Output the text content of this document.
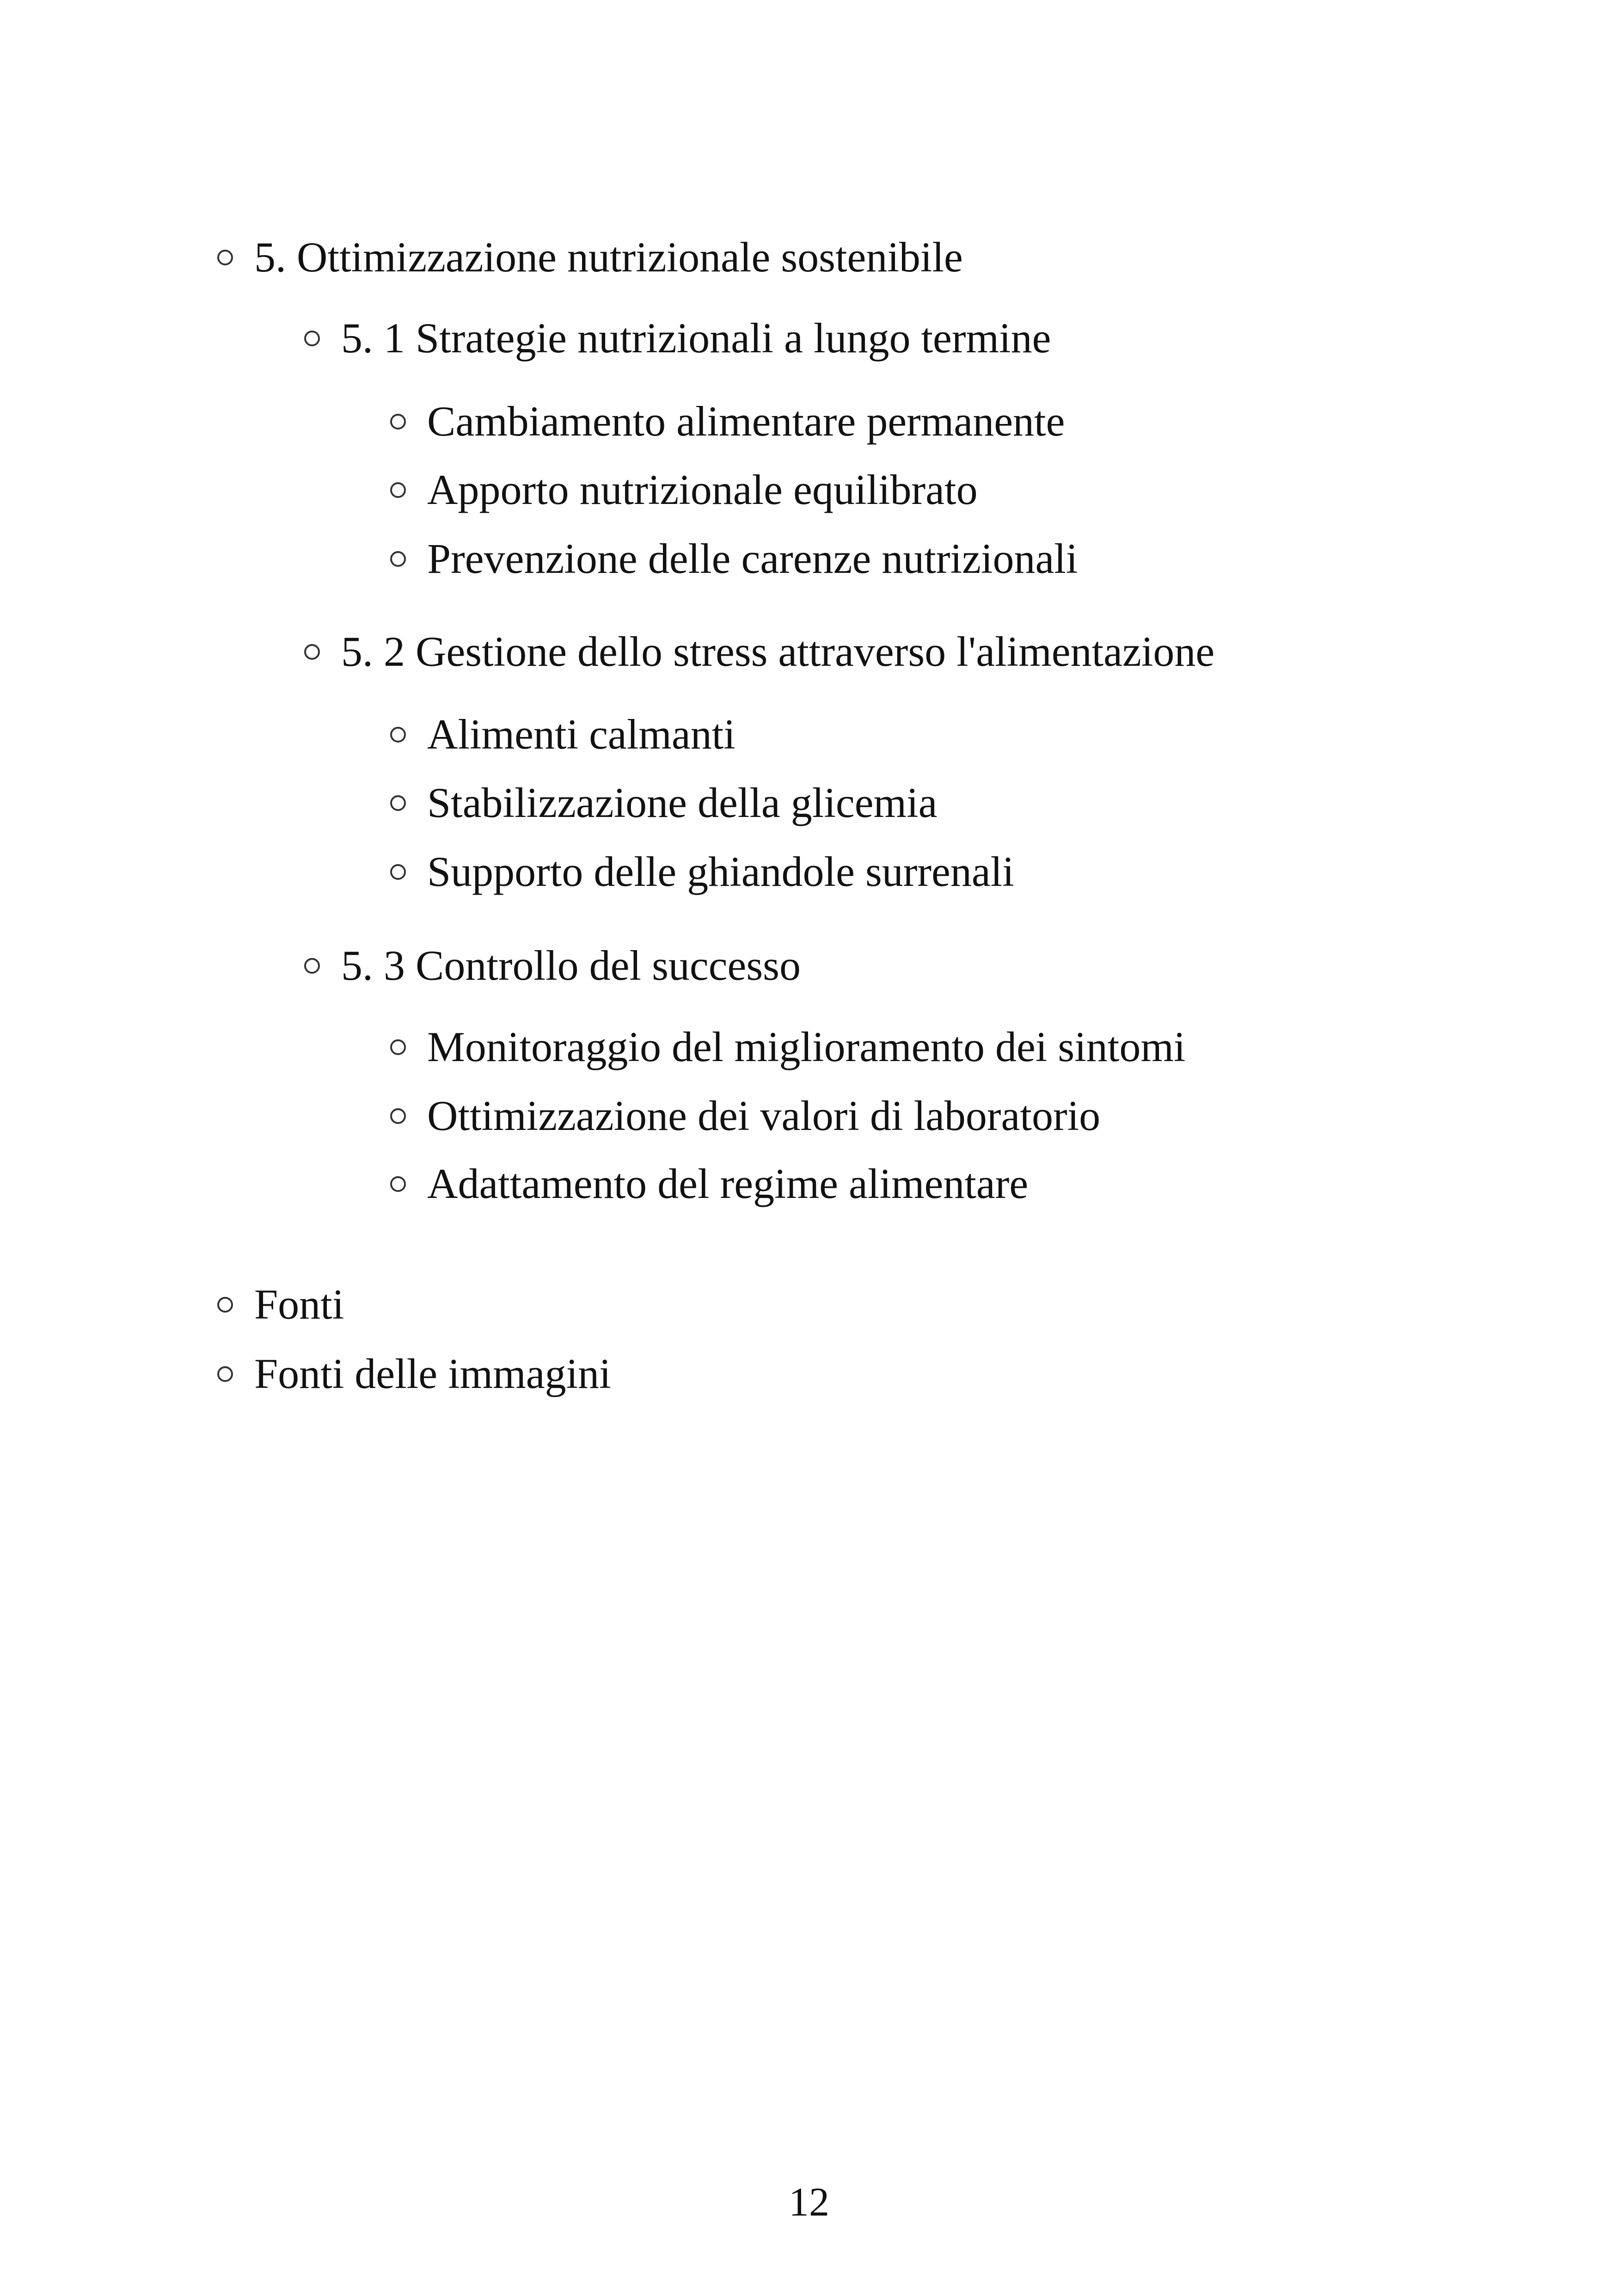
5. Ottimizzazione nutrizionale sostenibile
5. 1 Strategie nutrizionali a lungo termine
Cambiamento alimentare permanente
Apporto nutrizionale equilibrato
Prevenzione delle carenze nutrizionali
5. 2 Gestione dello stress attraverso l'alimentazione
Alimenti calmanti
Stabilizzazione della glicemia
Supporto delle ghiandole surrenali
5. 3 Controllo del successo
Monitoraggio del miglioramento dei sintomi
Ottimizzazione dei valori di laboratorio
Adattamento del regime alimentare
Fonti
Fonti delle immagini
12
